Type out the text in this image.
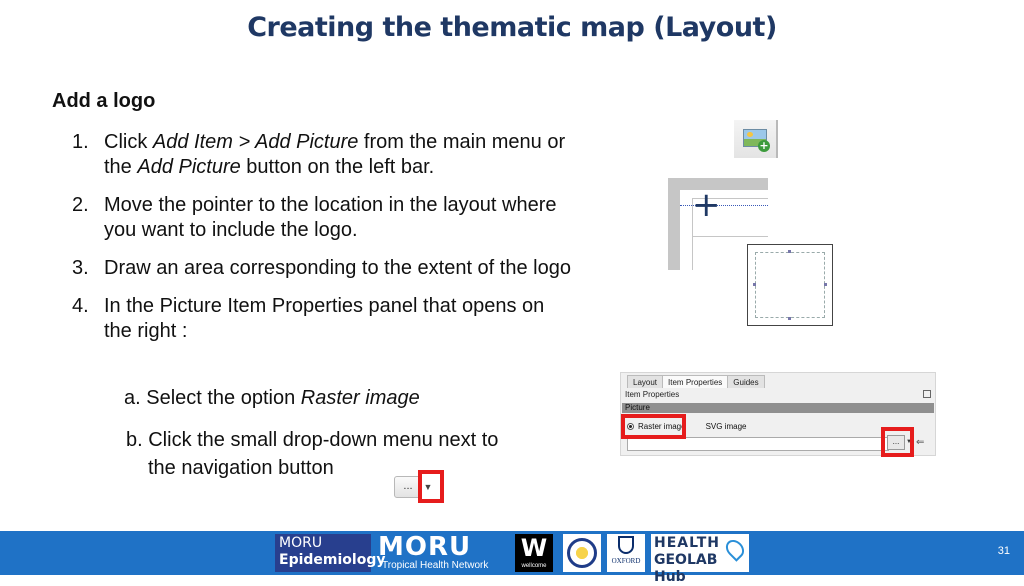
Creating the thematic map (Layout)
Add a logo
1. Click Add Item > Add Picture from the main menu or the Add Picture button on the left bar.
2. Move the pointer to the location in the layout where you want to include the logo.
3. Draw an area corresponding to the extent of the logo
4. In the Picture Item Properties panel that opens on the right :
a. Select the option Raster image
b. Click the small drop-down menu next to
the navigation button
+
+
Layout	Item Properties	Guides
Item Properties
Picture
Raster image	SVG image
...	▼ ⇐
...	▼
MORU
Epidemiology
MORU
Tropical Health Network
W
wellcome
OXFORD
HEALTH
GEOLAB Hub
31
